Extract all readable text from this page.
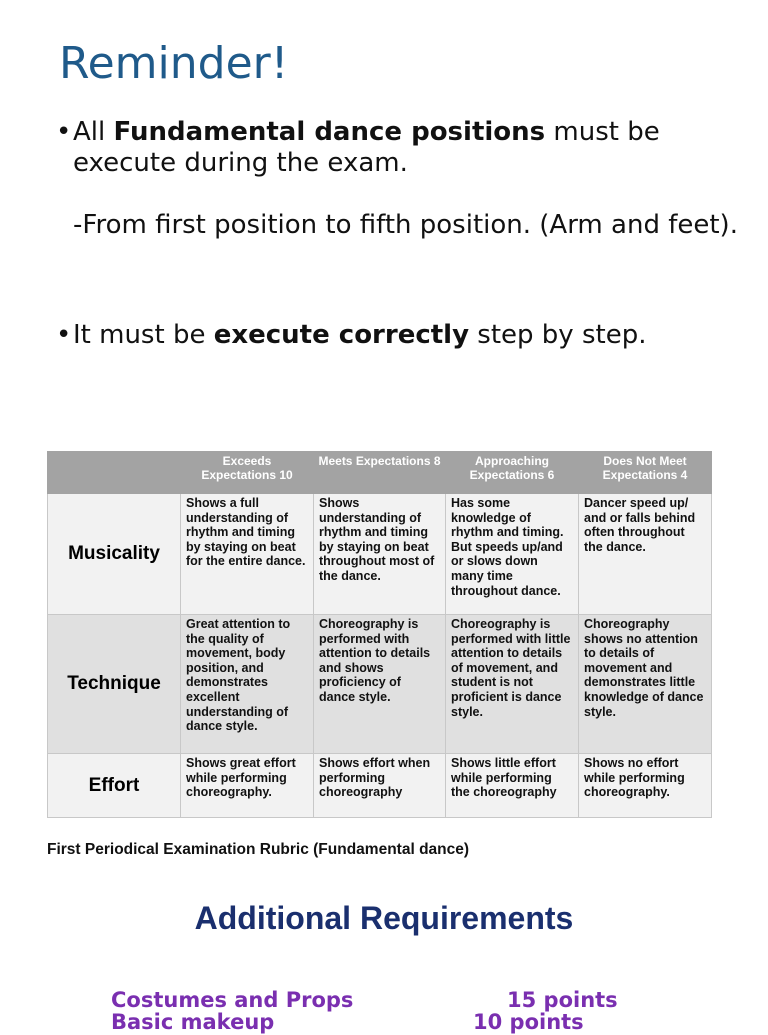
Reminder!
• All Fundamental dance positions must be execute during the exam.
-From first position to fifth position. (Arm and feet).
• It must be execute correctly step by step.
	Exceeds Expectations 10	Meets Expectations 8	Approaching Expectations 6	Does Not Meet Expectations 4
Musicality	Shows a full understanding of rhythm and timing by staying on beat for the entire dance.	Shows understanding of rhythm and timing by staying on beat throughout most of the dance.	Has some knowledge of rhythm and timing. But speeds up/and or slows down many time throughout dance.	Dancer speed up/ and or falls behind often throughout the dance.
Technique	Great attention to the quality of movement, body position, and demonstrates excellent understanding of dance style.	Choreography is performed with attention to details and shows proficiency of dance style.	Choreography is performed with little attention to details of movement, and student is not proficient is dance style.	Choreography shows no attention to details of movement and demonstrates little knowledge of dance style.
Effort	Shows great effort while performing choreography.	Shows effort when performing choreography	Shows little effort while performing the choreography	Shows no effort while performing choreography.
First Periodical Examination Rubric (Fundamental dance)
Additional Requirements
Costumes and Props	15 points
Basic makeup	10 points
